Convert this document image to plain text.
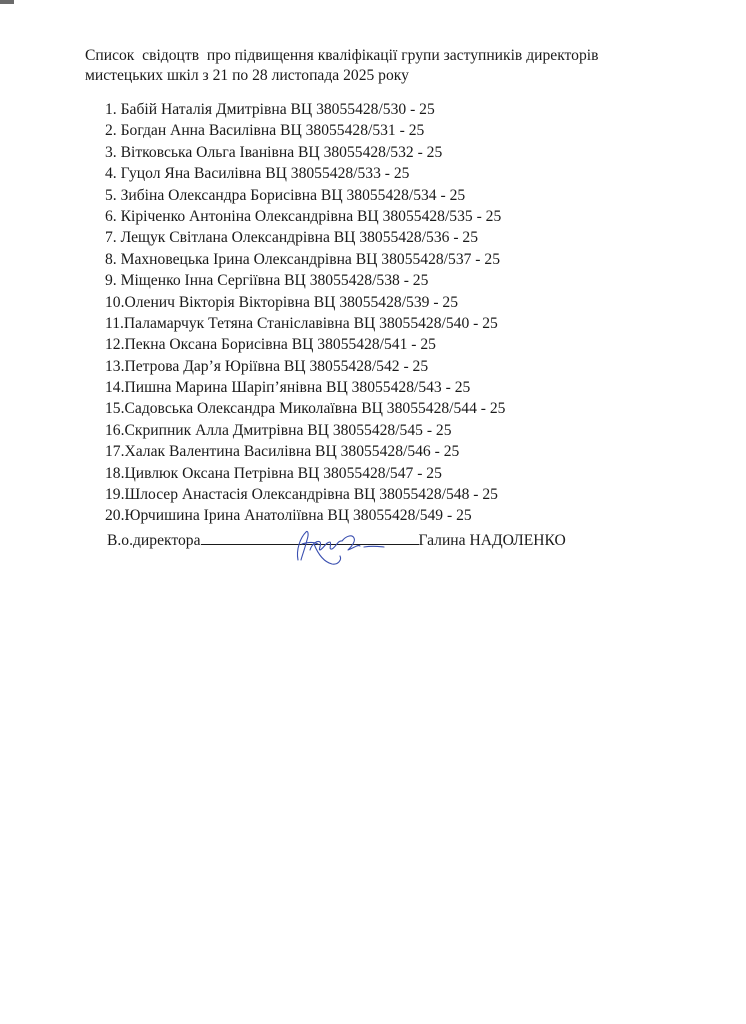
Список  свідоцтв  про підвищення кваліфікації групи заступників директорів
мистецьких шкіл з 21 по 28 листопада 2025 року
1. Бабій Наталія Дмитрівна ВЦ 38055428/530 - 25
2. Богдан Анна Василівна ВЦ 38055428/531 - 25
3. Вітковська Ольга Іванівна ВЦ 38055428/532 - 25
4. Гуцол Яна Василівна ВЦ 38055428/533 - 25
5. Зибіна Олександра Борисівна ВЦ 38055428/534 - 25
6. Кіріченко Антоніна Олександрівна ВЦ 38055428/535 - 25
7. Лещук Світлана Олександрівна ВЦ 38055428/536 - 25
8. Махновецька Ірина Олександрівна ВЦ 38055428/537 - 25
9. Міщенко Інна Сергіївна ВЦ 38055428/538 - 25
10.Оленич Вікторія Вікторівна ВЦ 38055428/539 - 25
11.Паламарчук Тетяна Станіславівна ВЦ 38055428/540 - 25
12.Пекна Оксана Борисівна ВЦ 38055428/541 - 25
13.Петрова Дар’я Юріївна ВЦ 38055428/542 - 25
14.Пишна Марина Шаріп’янівна ВЦ 38055428/543 - 25
15.Садовська Олександра Миколаївна ВЦ 38055428/544 - 25
16.Скрипник Алла Дмитрівна ВЦ 38055428/545 - 25
17.Халак Валентина Василівна ВЦ 38055428/546 - 25
18.Цивлюк Оксана Петрівна ВЦ 38055428/547 - 25
19.Шлосер Анастасія Олександрівна ВЦ 38055428/548 - 25
20.Юрчишина Ірина Анатоліївна ВЦ 38055428/549 - 25
В.о.директора	Галина НАДОЛЕНКО
